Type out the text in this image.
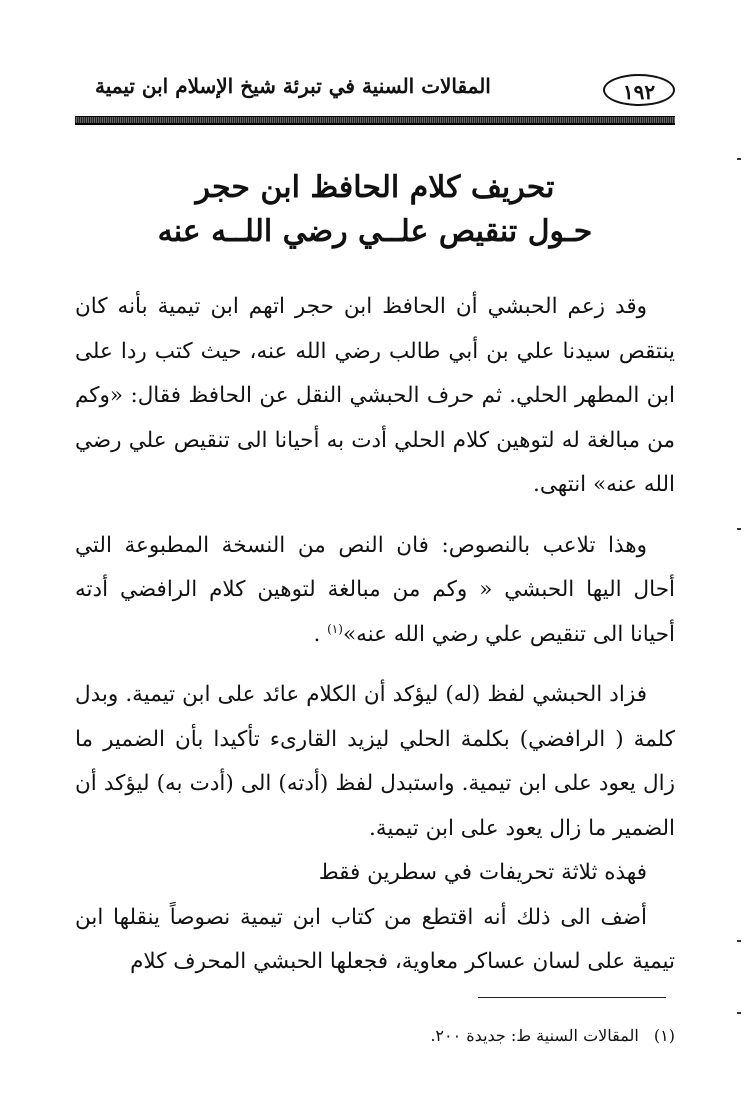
١٩٢
المقالات السنية في تبرئة شيخ الإسلام ابن تيمية
تحريف كلام الحافظ ابن حجر
حـول تنقيص علــي رضي اللــه عنه

وقد زعم الحبشي أن الحافظ ابن حجر اتهم ابن تيمية بأنه كان ينتقص سيدنا علي بن أبي طالب رضي الله عنه، حيث كتب ردا على ابن المطهر الحلي. ثم حرف الحبشي النقل عن الحافظ فقال: «وكم من مبالغة له لتوهين كلام الحلي أدت به أحيانا الى تنقيص علي رضي الله عنه» انتهى.

وهذا تلاعب بالنصوص: فان النص من النسخة المطبوعة التي أحال اليها الحبشي « وكم من مبالغة لتوهين كلام الرافضي أدته أحيانا الى تنقيص علي رضي الله عنه»$^{(١)}$ .

فزاد الحبشي لفظ (له) ليؤكد أن الكلام عائد على ابن تيمية. وبدل كلمة ( الرافضي) بكلمة الحلي ليزيد القارىء تأكيدا بأن الضمير ما زال يعود على ابن تيمية. واستبدل لفظ (أدته) الى (أدت به) ليؤكد أن الضمير ما زال يعود على ابن تيمية.

فهذه ثلاثة تحريفات في سطرين فقط

أضف الى ذلك أنه اقتطع من كتاب ابن تيمية نصوصاً ينقلها ابن تيمية على لسان عساكر معاوية، فجعلها الحبشي المحرف كلام

(١) المقالات السنية ط: جديدة ٢٠٠.
